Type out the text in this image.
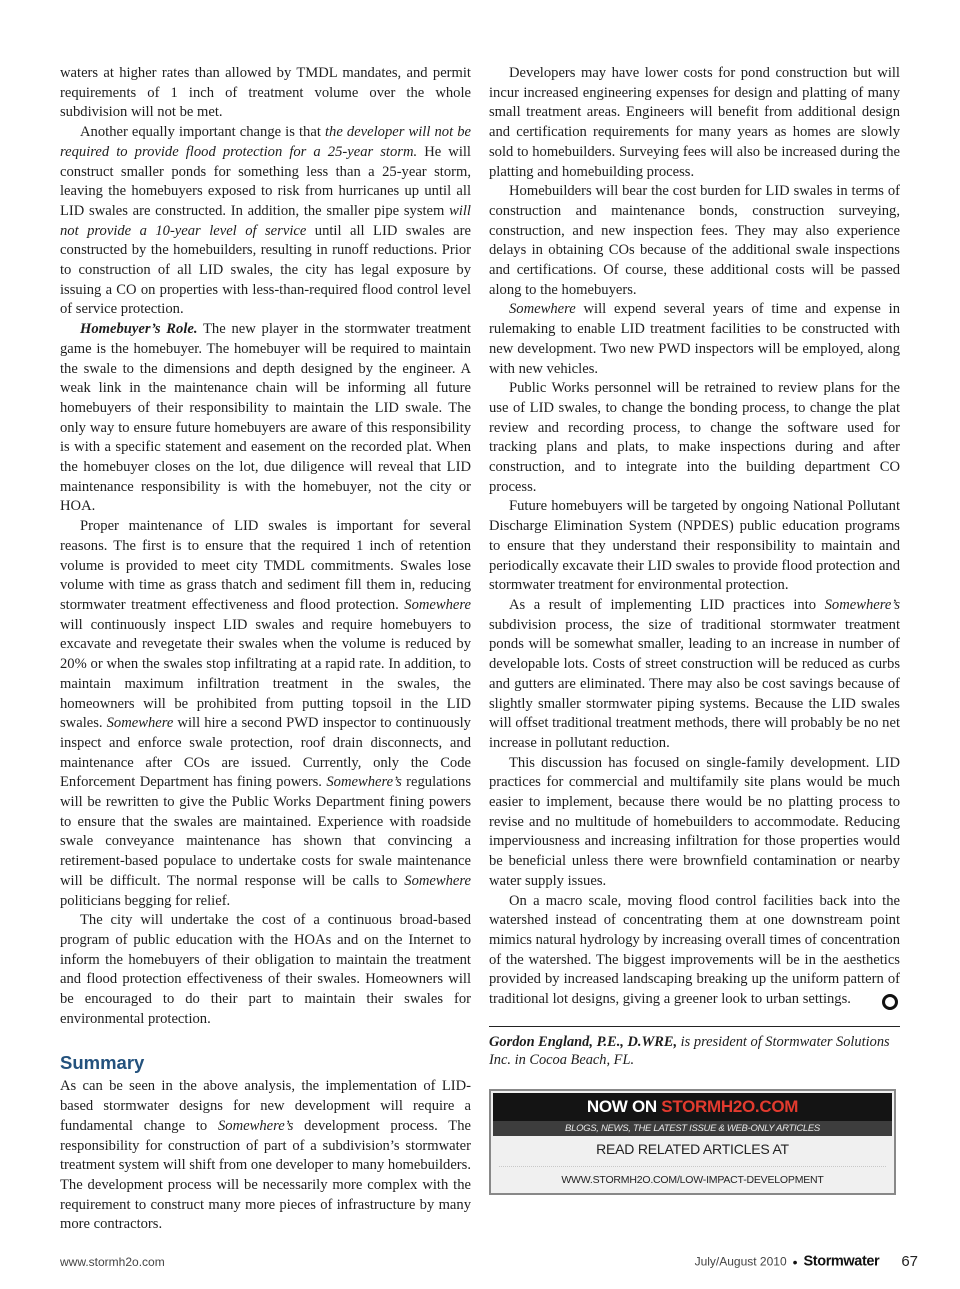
waters at higher rates than allowed by TMDL mandates, and permit requirements of 1 inch of treatment volume over the whole subdivision will not be met.

Another equally important change is that the developer will not be required to provide flood protection for a 25-year storm. He will construct smaller ponds for something less than a 25-year storm, leaving the homebuyers exposed to risk from hurricanes up until all LID swales are constructed. In addition, the smaller pipe system will not provide a 10-year level of service until all LID swales are constructed by the homebuilders, resulting in runoff reductions. Prior to construction of all LID swales, the city has legal exposure by issuing a CO on properties with less-than-required flood control level of service protection.

Homebuyer’s Role. The new player in the stormwater treatment game is the homebuyer. The homebuyer will be required to maintain the swale to the dimensions and depth designed by the engineer. A weak link in the maintenance chain will be informing all future homebuyers of their responsibility to maintain the LID swale. The only way to ensure future homebuyers are aware of this responsibility is with a specific statement and easement on the recorded plat. When the homebuyer closes on the lot, due diligence will reveal that LID maintenance responsibility is with the homebuyer, not the city or HOA.

Proper maintenance of LID swales is important for several reasons. The first is to ensure that the required 1 inch of retention volume is provided to meet city TMDL commitments. Swales lose volume with time as grass thatch and sediment fill them in, reducing stormwater treatment effectiveness and flood protection. Somewhere will continuously inspect LID swales and require homebuyers to excavate and revegetate their swales when the volume is reduced by 20% or when the swales stop infiltrating at a rapid rate. In addition, to maintain maximum infiltration treatment in the swales, the homeowners will be prohibited from putting topsoil in the LID swales. Somewhere will hire a second PWD inspector to continuously inspect and enforce swale protection, roof drain disconnects, and maintenance after COs are issued. Currently, only the Code Enforcement Department has fining powers. Somewhere’s regulations will be rewritten to give the Public Works Department fining powers to ensure that the swales are maintained. Experience with roadside swale conveyance maintenance has shown that convincing a retirement-based populace to undertake costs for swale maintenance will be difficult. The normal response will be calls to Somewhere politicians begging for relief.

The city will undertake the cost of a continuous broad-based program of public education with the HOAs and on the Internet to inform the homebuyers of their obligation to maintain the treatment and flood protection effectiveness of their swales. Homeowners will be encouraged to do their part to maintain their swales for environmental protection.

Summary

As can be seen in the above analysis, the implementation of LID-based stormwater designs for new development will require a fundamental change to Somewhere’s development process. The responsibility for construction of part of a subdivision’s stormwater treatment system will shift from one developer to many homebuilders. The development process will be necessarily more complex with the requirement to construct many more pieces of infrastructure by many more contractors.

Developers may have lower costs for pond construction but will incur increased engineering expenses for design and platting of many small treatment areas. Engineers will benefit from additional design and certification requirements for many years as homes are slowly sold to homebuilders. Surveying fees will also be increased during the platting and homebuilding process.

Homebuilders will bear the cost burden for LID swales in terms of construction and maintenance bonds, construction surveying, construction, and new inspection fees. They may also experience delays in obtaining COs because of the additional swale inspections and certifications. Of course, these additional costs will be passed along to the homebuyers.

Somewhere will expend several years of time and expense in rulemaking to enable LID treatment facilities to be constructed with new development. Two new PWD inspectors will be employed, along with new vehicles.

Public Works personnel will be retrained to review plans for the use of LID swales, to change the bonding process, to change the plat review and recording process, to change the software used for tracking plans and plats, to make inspections during and after construction, and to integrate into the building department CO process.

Future homebuyers will be targeted by ongoing National Pollutant Discharge Elimination System (NPDES) public education programs to ensure that they understand their responsibility to maintain and periodically excavate their LID swales to provide flood protection and stormwater treatment for environmental protection.

As a result of implementing LID practices into Somewhere’s subdivision process, the size of traditional stormwater treatment ponds will be somewhat smaller, leading to an increase in number of developable lots. Costs of street construction will be reduced as curbs and gutters are eliminated. There may also be cost savings because of slightly smaller stormwater piping systems. Because the LID swales will offset traditional treatment methods, there will probably be no net increase in pollutant reduction.

This discussion has focused on single-family development. LID practices for commercial and multifamily site plans would be much easier to implement, because there would be no platting process to revise and no multitude of homebuilders to accommodate. Reducing imperviousness and increasing infiltration for those properties would be beneficial unless there were brownfield contamination or nearby water supply issues.

On a macro scale, moving flood control facilities back into the watershed instead of concentrating them at one downstream point mimics natural hydrology by increasing overall times of concentration of the watershed. The biggest improvements will be in the aesthetics provided by increased landscaping breaking up the uniform pattern of traditional lot designs, giving a greener look to urban settings.

Gordon England, P.E., D.WRE, is president of Stormwater Solutions Inc. in Cocoa Beach, FL.
NOW ON STORMH2O.COM
BLOGS, NEWS, THE LATEST ISSUE & WEB-ONLY ARTICLES
READ RELATED ARTICLES AT
WWW.STORMH2O.COM/LOW-IMPACT-DEVELOPMENT
www.stormh2o.com	July/August 2010 • Stormwater 67
